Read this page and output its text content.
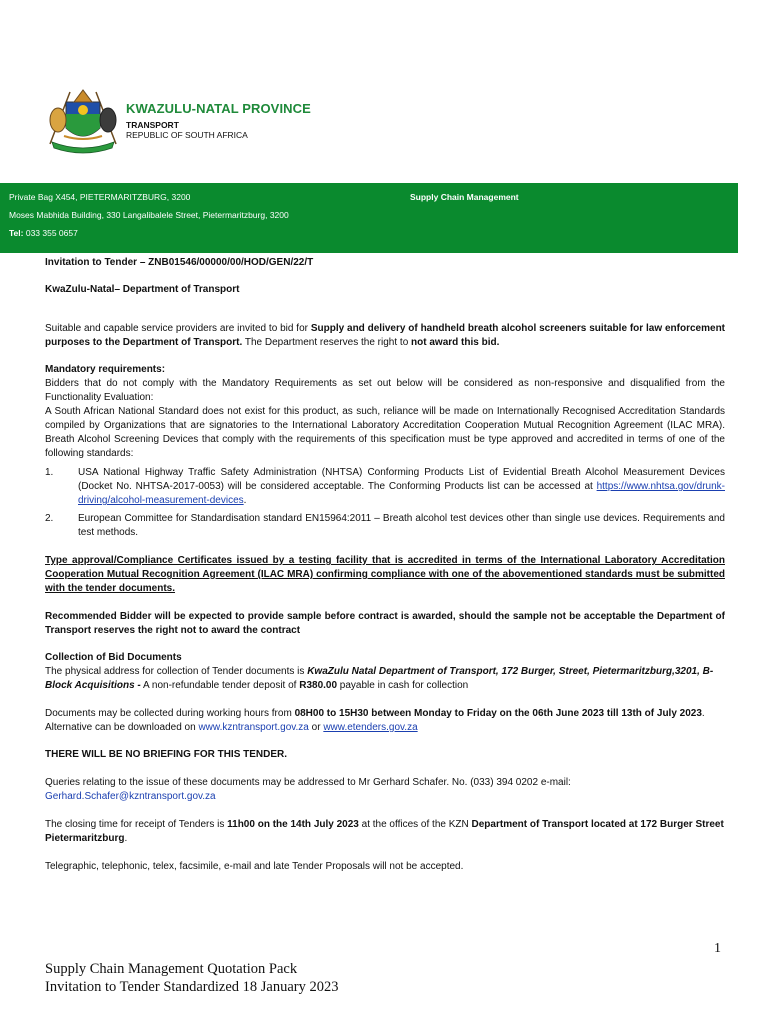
KWAZULU-NATAL PROVINCE
TRANSPORT
REPUBLIC OF SOUTH AFRICA
Private Bag X454, PIETERMARITZBURG, 3200	Supply Chain Management
Moses Mabhida Building, 330 Langalibalele Street, Pietermaritzburg, 3200
Tel: 033 355 0657

Invitation to Tender – ZNB01546/00000/00/HOD/GEN/22/T

KwaZulu-Natal– Department of Transport

Suitable and capable service providers are invited to bid for Supply and delivery of handheld breath alcohol screeners suitable for law enforcement purposes to the Department of Transport. The Department reserves the right to not award this bid.

Mandatory requirements:

Bidders that do not comply with the Mandatory Requirements as set out below will be considered as non-responsive and disqualified from the Functionality Evaluation:

A South African National Standard does not exist for this product, as such, reliance will be made on Internationally Recognised Accreditation Standards compiled by Organizations that are signatories to the International Laboratory Accreditation Cooperation Mutual Recognition Agreement (ILAC MRA). Breath Alcohol Screening Devices that comply with the requirements of this specification must be type approved and accredited in terms of one of the following standards:

1. USA National Highway Traffic Safety Administration (NHTSA) Conforming Products List of Evidential Breath Alcohol Measurement Devices (Docket No. NHTSA-2017-0053) will be considered acceptable. The Conforming Products list can be accessed at https://www.nhtsa.gov/drunk-driving/alcohol-measurement-devices.
2. European Committee for Standardisation standard EN15964:2011 – Breath alcohol test devices other than single use devices. Requirements and test methods.

Type approval/Compliance Certificates issued by a testing facility that is accredited in terms of the International Laboratory Accreditation Cooperation Mutual Recognition Agreement (ILAC MRA) confirming compliance with one of the abovementioned standards must be submitted with the tender documents.

Recommended Bidder will be expected to provide sample before contract is awarded, should the sample not be acceptable the Department of Transport reserves the right not to award the contract

Collection of Bid Documents

The physical address for collection of Tender documents is KwaZulu Natal Department of Transport, 172 Burger, Street, Pietermaritzburg,3201, B-Block Acquisitions - A non-refundable tender deposit of R380.00 payable in cash for collection

Documents may be collected during working hours from 08H00 to 15H30 between Monday to Friday on the 06th June 2023 till 13th of July 2023. Alternative can be downloaded on www.kzntransport.gov.za or www.etenders.gov.za

THERE WILL BE NO BRIEFING FOR THIS TENDER.

Queries relating to the issue of these documents may be addressed to Mr Gerhard Schafer. No. (033) 394 0202 e-mail:
Gerhard.Schafer@kzntransport.gov.za

The closing time for receipt of Tenders is 11h00 on the 14th July 2023 at the offices of the KZN Department of Transport located at 172 Burger Street Pietermaritzburg.

Telegraphic, telephonic, telex, facsimile, e-mail and late Tender Proposals will not be accepted.

1
Supply Chain Management Quotation Pack
Invitation to Tender Standardized 18 January 2023
